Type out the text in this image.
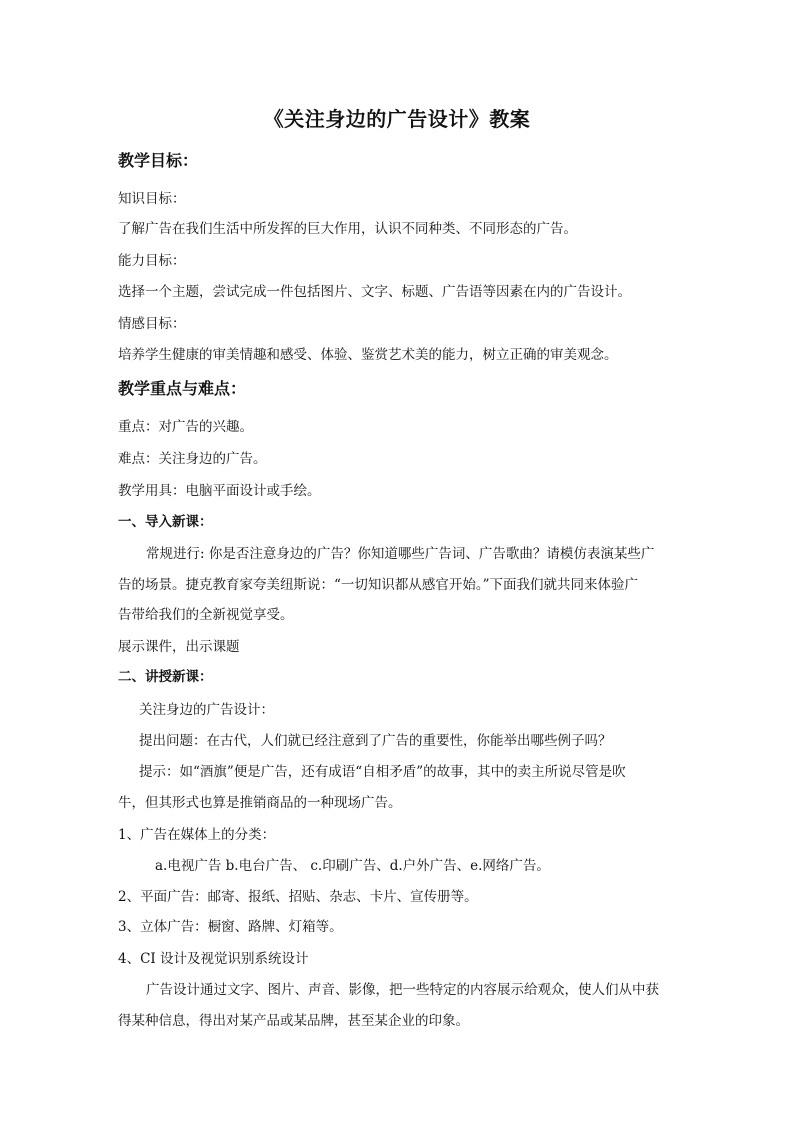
《关注身边的广告设计》教案
教学目标：
知识目标：
了解广告在我们生活中所发挥的巨大作用，认识不同种类、不同形态的广告。
能力目标：
选择一个主题，尝试完成一件包括图片、文字、标题、广告语等因素在内的广告设计。
情感目标：
培养学生健康的审美情趣和感受、体验、鉴赏艺术美的能力，树立正确的审美观念。
教学重点与难点：
重点：对广告的兴趣。
难点：关注身边的广告。
教学用具：电脑平面设计或手绘。
一、导入新课：
常规进行: 你是否注意身边的广告？你知道哪些广告词、广告歌曲？请模仿表演某些广
告的场景。捷克教育家夸美纽斯说：“一切知识都从感官开始。”下面我们就共同来体验广
告带给我们的全新视觉享受。
展示课件，出示课题
二、讲授新课：
关注身边的广告设计：
提出问题：在古代，人们就已经注意到了广告的重要性，你能举出哪些例子吗？
提示：如“酒旗”便是广告，还有成语“自相矛盾”的故事，其中的卖主所说尽管是吹
牛，但其形式也算是推销商品的一种现场广告。
1、广告在媒体上的分类：
a.电视广告 b.电台广告、 c.印刷广告、d.户外广告、e.网络广告。
2、平面广告：邮寄、报纸、招贴、杂志、卡片、宣传册等。
3、立体广告：橱窗、路牌、灯箱等。
4、CI 设计及视觉识别系统设计
广告设计通过文字、图片、声音、影像，把一些特定的内容展示给观众，使人们从中获
得某种信息，得出对某产品或某品牌，甚至某企业的印象。
